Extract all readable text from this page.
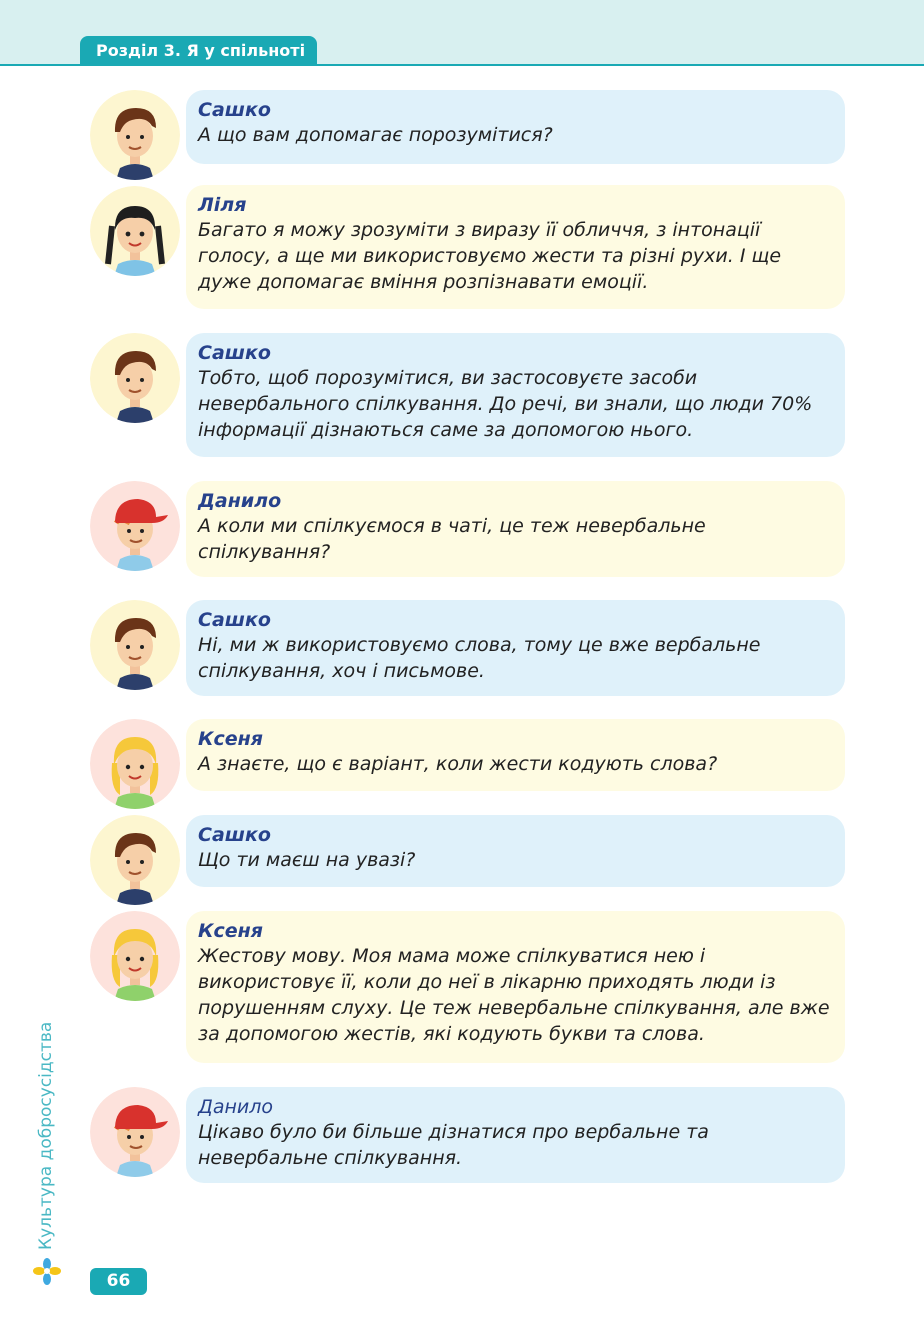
Розділ 3. Я у спільноті
Сашко
А що вам допомагає порозумітися?
Ліля
Багато я можу зрозуміти з виразу її обличчя, з інтонації
голосу, а ще ми використовуємо жести та різні рухи. І ще
дуже допомагає вміння розпізнавати емоції.
Сашко
Тобто, щоб порозумітися, ви застосовуєте засоби
невербального спілкування. До речі, ви знали, що люди 70%
інформації дізнаються саме за допомогою нього.
Данило
А коли ми спілкуємося в чаті, це теж невербальне
спілкування?
Сашко
Ні, ми ж використовуємо слова, тому це вже вербальне
спілкування, хоч і письмове.
Ксеня
А знаєте, що є варіант, коли жести кодують слова?
Сашко
Що ти маєш на увазі?
Ксеня
Жестову мову. Моя мама може спілкуватися нею і
використовує її, коли до неї в лікарню приходять люди із
порушенням слуху. Це теж невербальне спілкування, але вже
за допомогою жестів, які кодують букви та слова.
Данило
Цікаво було би більше дізнатися про вербальне та
невербальне спілкування.
Культура добросусідства
66
